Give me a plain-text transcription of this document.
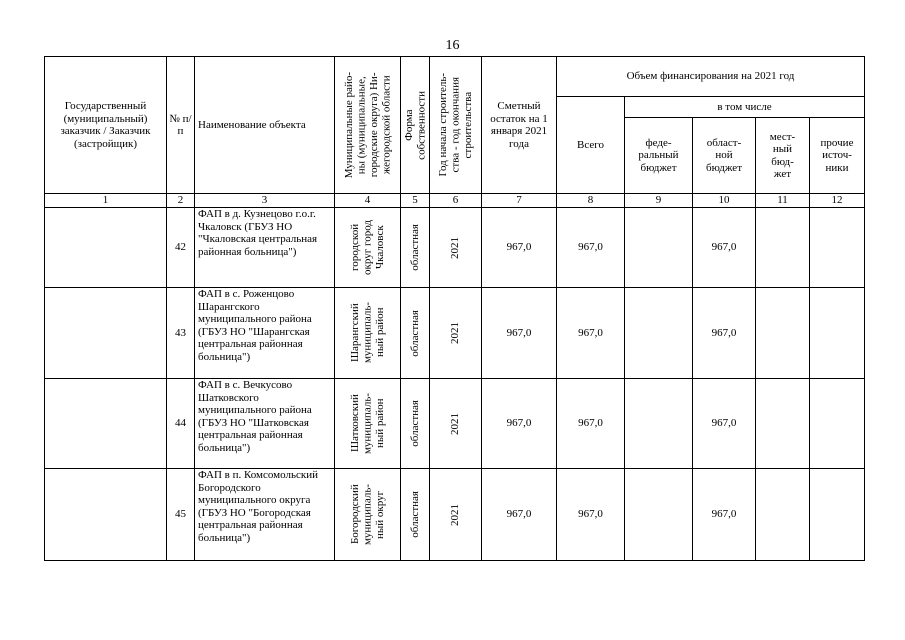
16
Государственный (муниципальный) заказчик / Заказчик (застройщик)	№ п/п	Наименование объекта	Муниципальные райо- ны (муниципальные, городские округа) Ни- жегородской области	Форма собственности	Год начала строитель- ства - год окончания строительства	Сметный остаток на 1 января 2021 года	Объем финансирования на 2021 год				
							Всего	в том числе			
								феде- ральный бюджет	област- ной бюджет	мест- ный бюд- жет	прочие источ- ники
1	2	3	4	5	6	7	8	9	10	11	12
	42	ФАП в д. Кузнецово г.о.г. Чкаловск (ГБУЗ НО "Чкаловская центральная районная больница")	городской округ город Чкаловск	областная	2021	967,0	967,0		967,0		
	43	ФАП в с. Роженцово Шарангского муниципального района (ГБУЗ НО "Шарангская центральная районная больница")	Шарангский муниципаль- ный район	областная	2021	967,0	967,0		967,0		
	44	ФАП в с. Вечкусово Шатковского муниципального района (ГБУЗ НО "Шатковская центральная районная больница")	Шатковский муниципаль- ный район	областная	2021	967,0	967,0		967,0		
	45	ФАП в п. Комсомольский Богородского муниципального округа (ГБУЗ НО "Богородская центральная районная больница")	Богородский муниципаль- ный округ	областная	2021	967,0	967,0		967,0		
